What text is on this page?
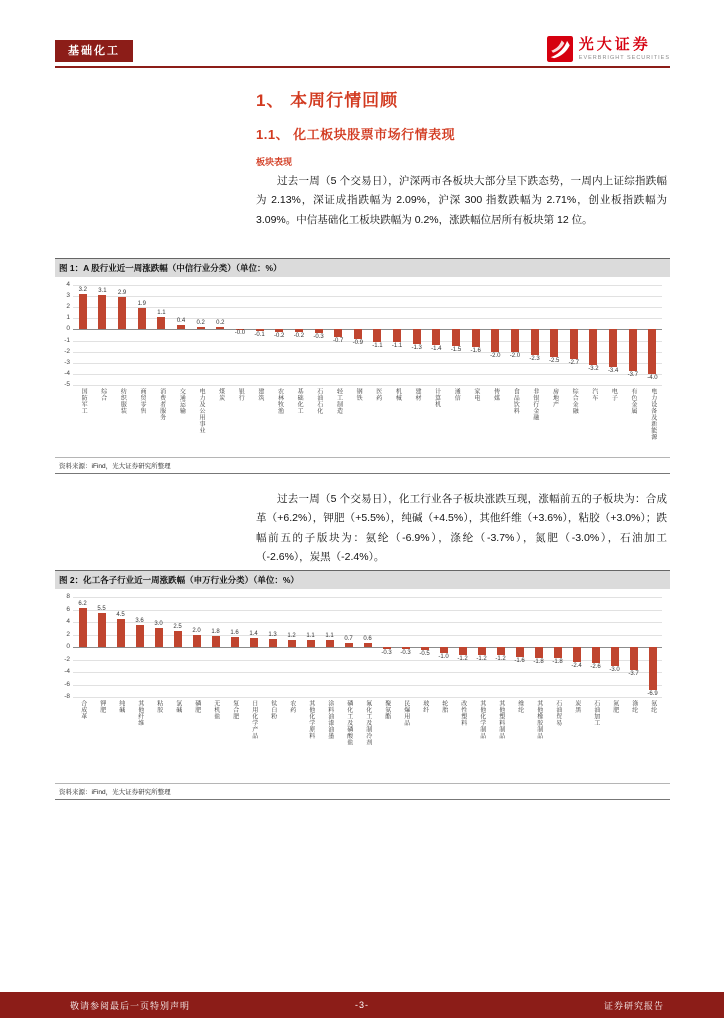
基础化工	光大证券
EVERBRIGHT SECURITIES
1、 本周行情回顾
1.1、 化工板块股票市场行情表现
板块表现

过去一周（5 个交易日），沪深两市各板块大部分呈下跌态势，一周内上证综指跌幅为 2.13%，深证成指跌幅为 2.09%，沪深 300 指数跌幅为 2.71%，创业板指跌幅为 3.09%。中信基础化工板块跌幅为 0.2%，涨跌幅位居所有板块第 12 位。

图 1：A 股行业近一周涨跌幅（中信行业分类）（单位：%）
4
3
2
1
0
-1
-2
-3
-4
-5
3.2 3.1 2.9
1.9
1.1
0.4 0.2 0.2
-0.0 -0.1 -0.2 -0.2 -0.3
-0.7 -0.9 -1.1 -1.1 -1.3 -1.4 -1.5 -1.6
-2.0 -2.0
-2.3 -2.5 -2.7
-3.2 -3.4
-3.7
-4.0
国防军工 综合 纺织服装 商贸零售 消费者服务 交通运输 电力及公用事业 煤炭 银行 建筑 农林牧渔 基础化工 石油石化 轻工制造 钢铁 医药 机械 建材 计算机 通信 家电 传媒 食品饮料 非银行金融 房地产 综合金融 汽车 电子 有色金属 电力设备及新能源
资料来源：iFind，光大证券研究所整理

过去一周（5 个交易日），化工行业各子板块涨跌互现，涨幅前五的子板块为：合成革（+6.2%），钾肥（+5.5%），纯碱（+4.5%），其他纤维（+3.6%），粘胶（+3.0%）；跌幅前五的子版块为：氨纶（-6.9%），涤纶（-3.7%），氮肥（-3.0%），石油加工（-2.6%），炭黑（-2.4%）。

图 2：化工各子行业近一周涨跌幅（申万行业分类）（单位：%）
8
6
4
2
0
-2
-4
-6
-8
6.2
5.5
4.5
3.6
3.0
2.5
2.0 1.8 1.6 1.4 1.3 1.2 1.1 1.1 0.7 0.6
-0.3 -0.3 -0.5
-1.0 -1.2 -1.2 -1.2 -1.6 -1.8 -1.8
-2.4 -2.6 -3.0
-3.7
-6.9
合成革 钾肥 纯碱 其他纤维 粘胶 氯碱 磷肥 无机盐 复合肥 日用化学产品 钛白粉 农药 其他化学原料 涂料油漆油墨 磷化工及磷酸盐 氟化工及制冷剂 聚氨酯 民爆用品 玻纤 轮胎 改性塑料 其他化学制品 其他塑料制品 维纶 其他橡胶制品 石油贸易 炭黑 石油加工 氮肥 涤纶 氨纶
资料来源：iFind，光大证券研究所整理
敬请参阅最后一页特别声明	-3-	证券研究报告
